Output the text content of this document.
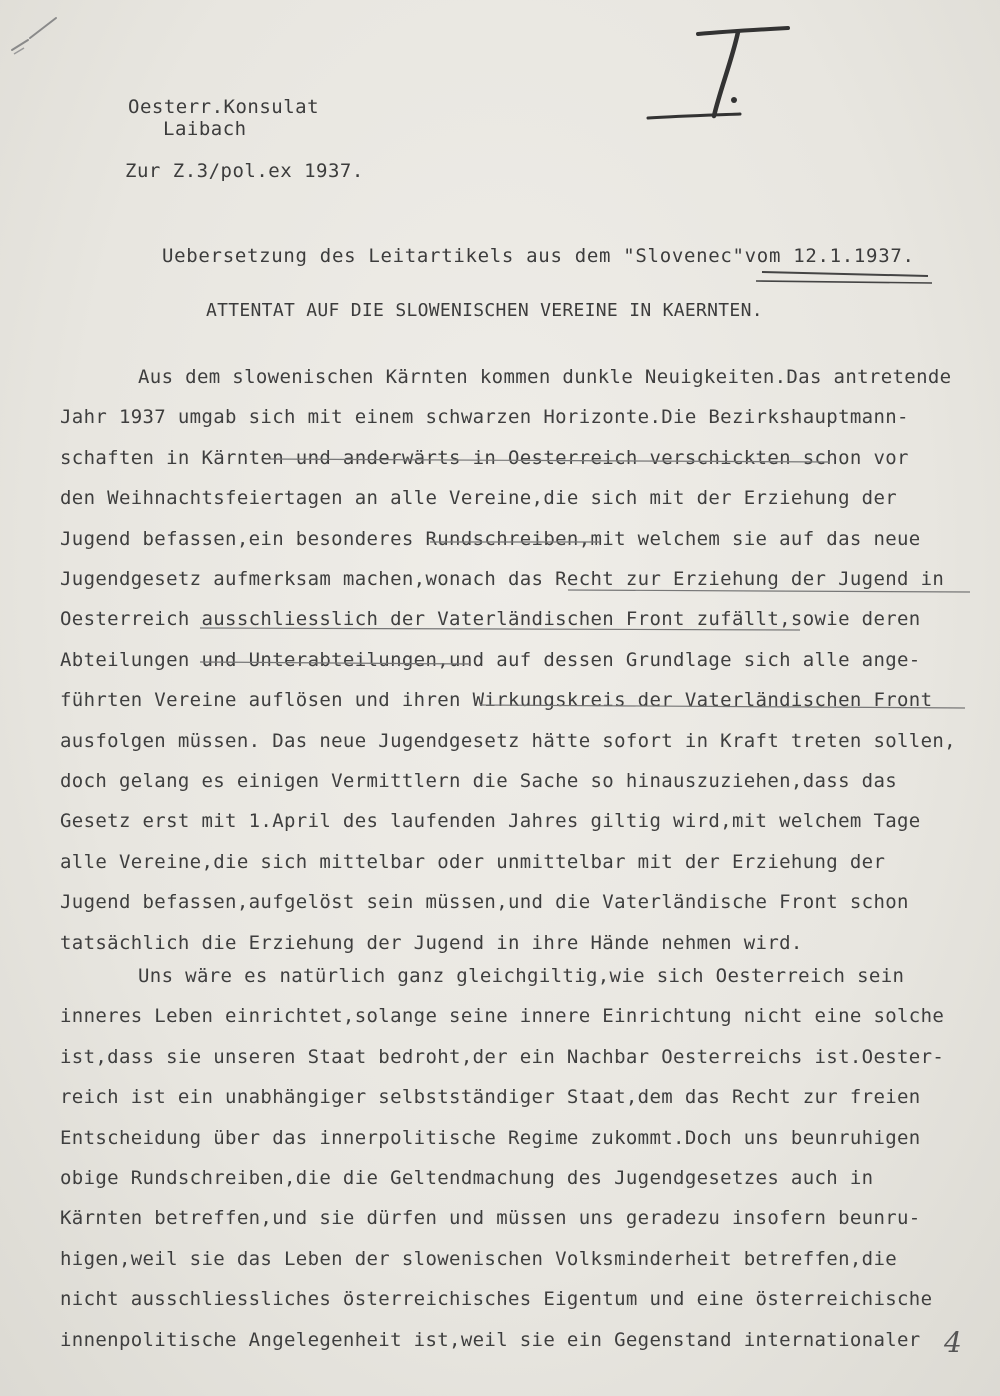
Oesterr.Konsulat
Laibach
Zur Z.3/pol.ex 1937.
Uebersetzung des Leitartikels aus dem "Slovenec"vom 12.1.1937.
ATTENTAT AUF DIE SLOWENISCHEN VEREINE IN KAERNTEN.
Aus dem slowenischen Kärnten kommen dunkle Neuigkeiten.Das antretende
Jahr 1937 umgab sich mit einem schwarzen Horizonte.Die Bezirkshauptmann-
schaften in Kärnten und anderwärts in Oesterreich verschickten schon vor
den Weihnachtsfeiertagen an alle Vereine,die sich mit der Erziehung der
Jugend befassen,ein besonderes Rundschreiben,mit welchem sie auf das neue
Jugendgesetz aufmerksam machen,wonach das Recht zur Erziehung der Jugend in
Oesterreich ausschliesslich der Vaterländischen Front zufällt,sowie deren
Abteilungen und Unterabteilungen,und auf dessen Grundlage sich alle ange-
führten Vereine auflösen und ihren Wirkungskreis der Vaterländischen Front
ausfolgen müssen. Das neue Jugendgesetz hätte sofort in Kraft treten sollen,
doch gelang es einigen Vermittlern die Sache so hinauszuziehen,dass das
Gesetz erst mit 1.April des laufenden Jahres giltig wird,mit welchem Tage
alle Vereine,die sich mittelbar oder unmittelbar mit der Erziehung der
Jugend befassen,aufgelöst sein müssen,und die Vaterländische Front schon
tatsächlich die Erziehung der Jugend in ihre Hände nehmen wird.
Uns wäre es natürlich ganz gleichgiltig,wie sich Oesterreich sein
inneres Leben einrichtet,solange seine innere Einrichtung nicht eine solche
ist,dass sie unseren Staat bedroht,der ein Nachbar Oesterreichs ist.Oester-
reich ist ein unabhängiger selbstständiger Staat,dem das Recht zur freien
Entscheidung über das innerpolitische Regime zukommt.Doch uns beunruhigen
obige Rundschreiben,die die Geltendmachung des Jugendgesetzes auch in
Kärnten betreffen,und sie dürfen und müssen uns geradezu insofern beunru-
higen,weil sie das Leben der slowenischen Volksminderheit betreffen,die
nicht ausschliessliches österreichisches Eigentum und eine österreichische
innenpolitische Angelegenheit ist,weil sie ein Gegenstand internationaler 4
